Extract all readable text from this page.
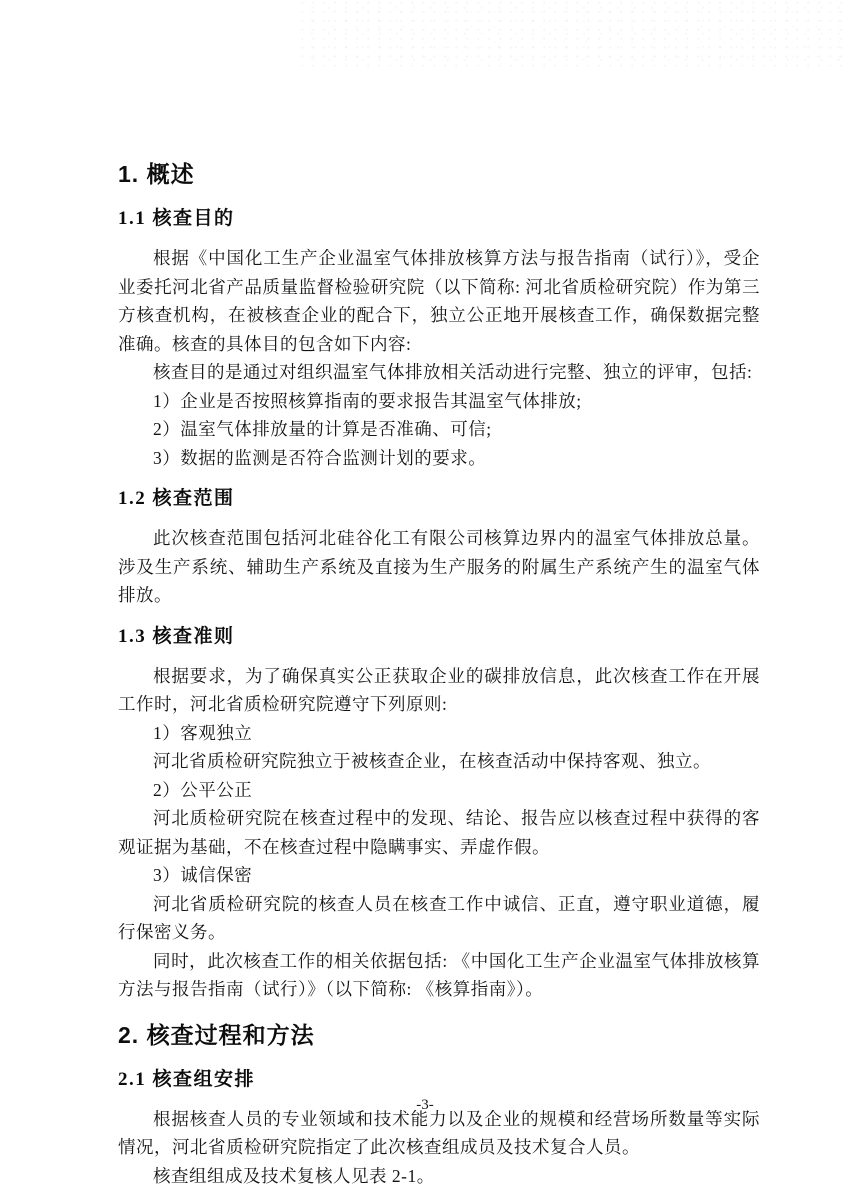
1. 概述
1.1 核查目的

根据《中国化工生产企业温室气体排放核算方法与报告指南（试行）》，受企业委托河北省产品质量监督检验研究院（以下简称: 河北省质检研究院）作为第三方核查机构，在被核查企业的配合下，独立公正地开展核查工作，确保数据完整准确。核查的具体目的包含如下内容:

核查目的是通过对组织温室气体排放相关活动进行完整、独立的评审，包括:

1）企业是否按照核算指南的要求报告其温室气体排放;

2）温室气体排放量的计算是否准确、可信;

3）数据的监测是否符合监测计划的要求。

1.2 核查范围

此次核查范围包括河北硅谷化工有限公司核算边界内的温室气体排放总量。涉及生产系统、辅助生产系统及直接为生产服务的附属生产系统产生的温室气体排放。

1.3 核查准则

根据要求，为了确保真实公正获取企业的碳排放信息，此次核查工作在开展工作时，河北省质检研究院遵守下列原则:

1）客观独立

河北省质检研究院独立于被核查企业，在核查活动中保持客观、独立。

2）公平公正

河北质检研究院在核查过程中的发现、结论、报告应以核查过程中获得的客观证据为基础，不在核查过程中隐瞒事实、弄虚作假。

3）诚信保密

河北省质检研究院的核查人员在核查工作中诚信、正直，遵守职业道德，履行保密义务。

同时，此次核查工作的相关依据包括: 《中国化工生产企业温室气体排放核算方法与报告指南（试行）》（以下简称: 《核算指南》）。

2. 核查过程和方法
2.1 核查组安排

根据核查人员的专业领域和技术能力以及企业的规模和经营场所数量等实际情况，河北省质检研究院指定了此次核查组成员及技术复合人员。

核查组组成及技术复核人见表 2-1。

-3-
